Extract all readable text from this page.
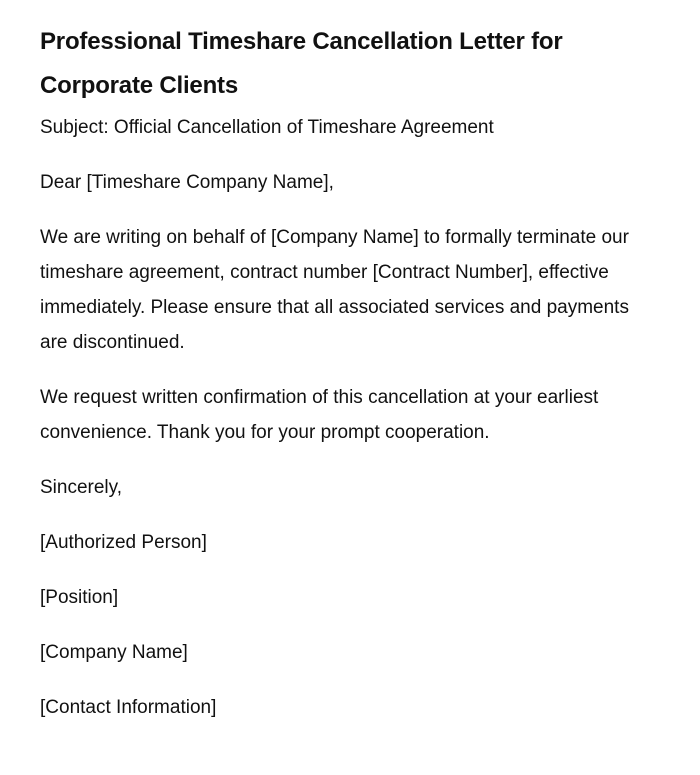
Professional Timeshare Cancellation Letter for Corporate Clients

Subject: Official Cancellation of Timeshare Agreement

Dear [Timeshare Company Name],

We are writing on behalf of [Company Name] to formally terminate our timeshare agreement, contract number [Contract Number], effective immediately. Please ensure that all associated services and payments are discontinued.

We request written confirmation of this cancellation at your earliest convenience. Thank you for your prompt cooperation.

Sincerely,

[Authorized Person]

[Position]

[Company Name]

[Contact Information]
